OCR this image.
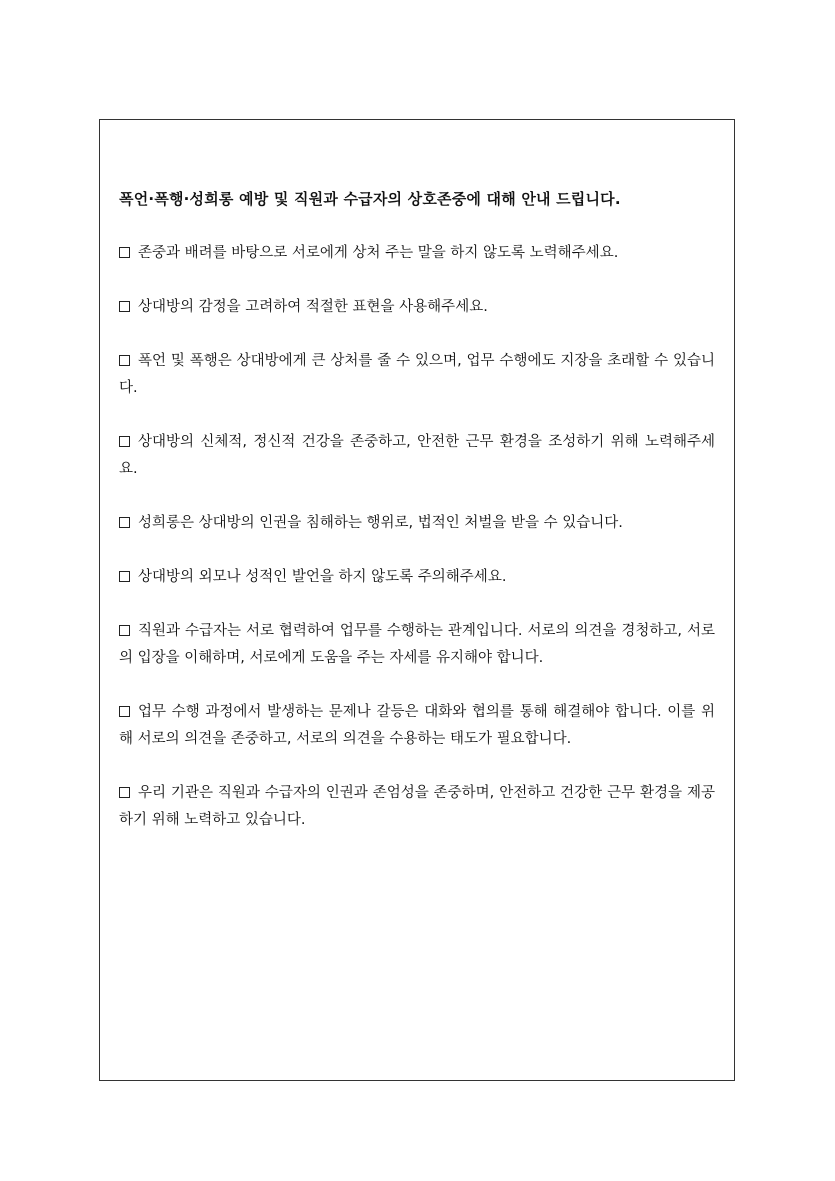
폭언·폭행·성희롱 예방 및 직원과 수급자의 상호존중에 대해 안내 드립니다.

존중과 배려를 바탕으로 서로에게 상처 주는 말을 하지 않도록 노력해주세요.

상대방의 감정을 고려하여 적절한 표현을 사용해주세요.

폭언 및 폭행은 상대방에게 큰 상처를 줄 수 있으며, 업무 수행에도 지장을 초래할 수 있습니다.

상대방의 신체적, 정신적 건강을 존중하고, 안전한 근무 환경을 조성하기 위해 노력해주세요.

성희롱은 상대방의 인권을 침해하는 행위로, 법적인 처벌을 받을 수 있습니다.

상대방의 외모나 성적인 발언을 하지 않도록 주의해주세요.

직원과 수급자는 서로 협력하여 업무를 수행하는 관계입니다. 서로의 의견을 경청하고, 서로의 입장을 이해하며, 서로에게 도움을 주는 자세를 유지해야 합니다.

업무 수행 과정에서 발생하는 문제나 갈등은 대화와 협의를 통해 해결해야 합니다. 이를 위해 서로의 의견을 존중하고, 서로의 의견을 수용하는 태도가 필요합니다.

우리 기관은 직원과 수급자의 인권과 존엄성을 존중하며, 안전하고 건강한 근무 환경을 제공하기 위해 노력하고 있습니다.
